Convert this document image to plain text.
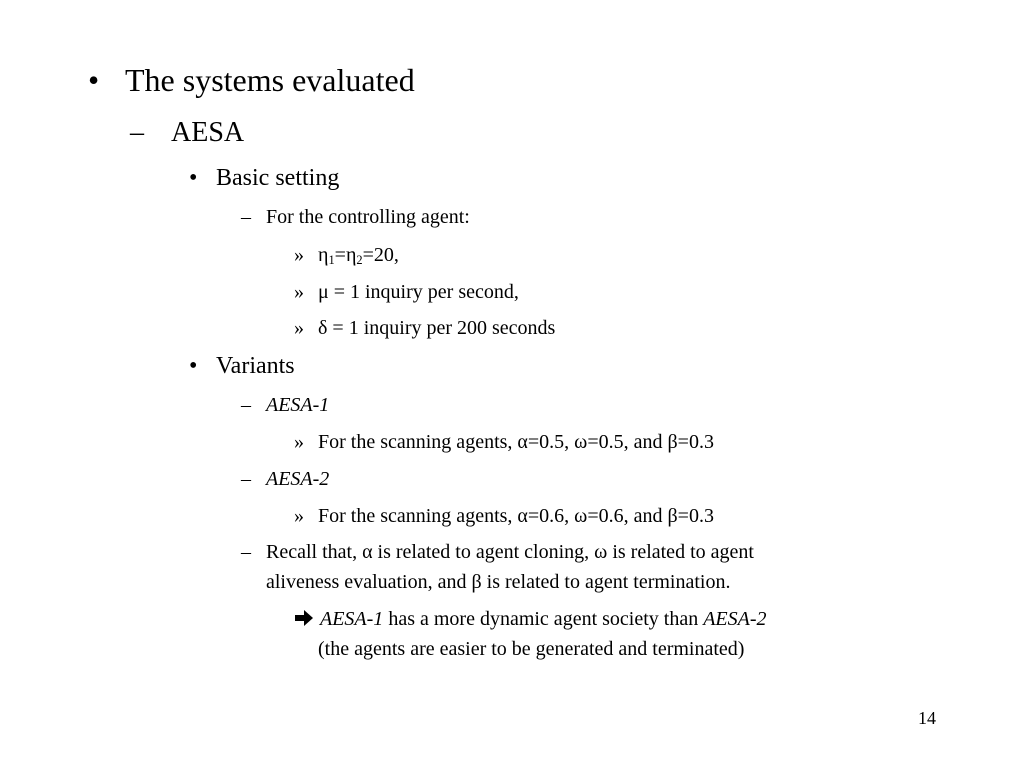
• The systems evaluated
– AESA
• Basic setting
– For the controlling agent:
» $\eta_1=\eta_2=20$,
» μ = 1 inquiry per second,
» δ = 1 inquiry per 200 seconds
• Variants
– AESA-1
» For the scanning agents, α=0.5, ω=0.5, and β=0.3
– AESA-2
» For the scanning agents, α=0.6, ω=0.6, and β=0.3
– Recall that, α is related to agent cloning, ω is related to agent
aliveness evaluation, and β is related to agent termination.
AESA-1 has a more dynamic agent society than AESA-2
(the agents are easier to be generated and terminated)
14
